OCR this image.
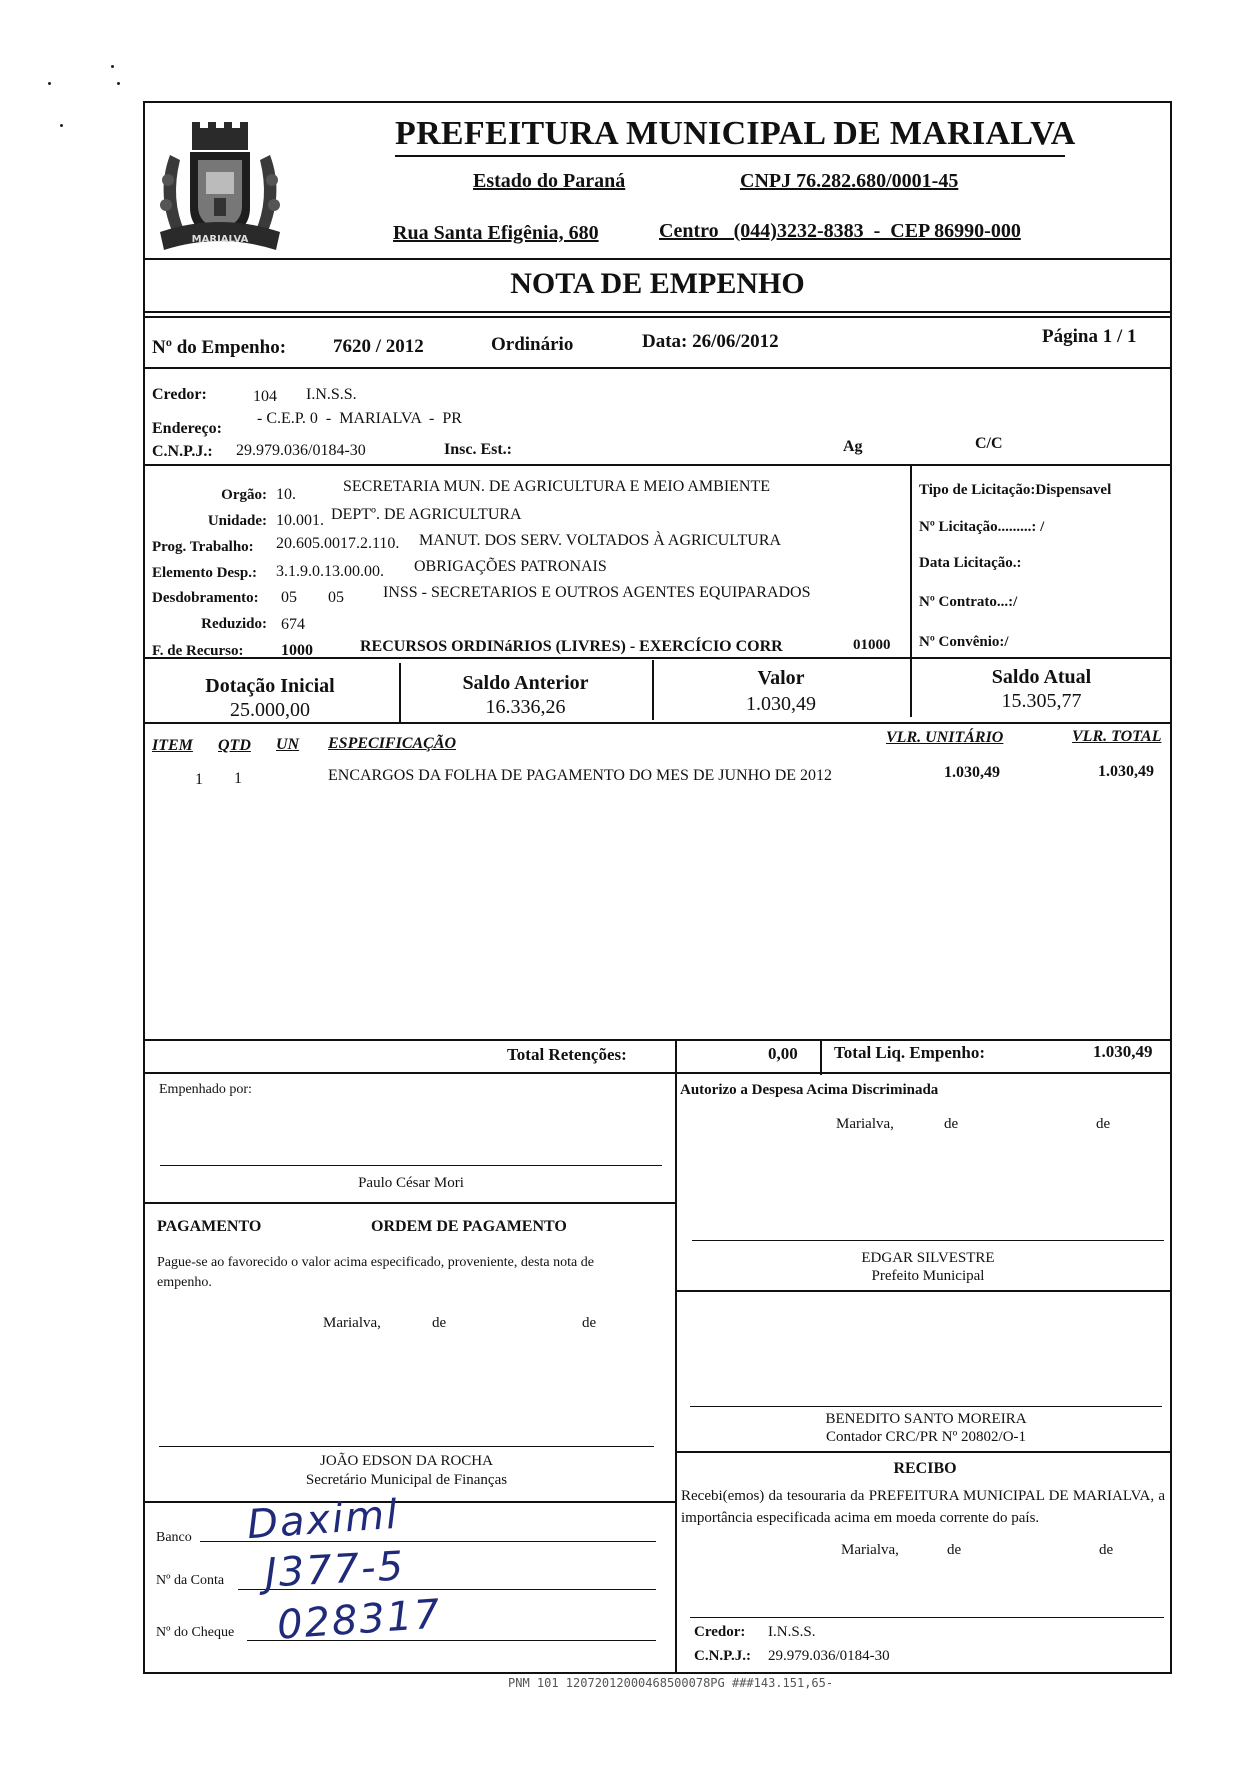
MARIALVA
PREFEITURA MUNICIPAL DE MARIALVA
Estado do Paraná	CNPJ 76.282.680/0001-45
Rua Santa Efigênia, 680	Centro   (044)3232-8383  -  CEP 86990-000
NOTA DE EMPENHO
Nº do Empenho: 7620 / 2012	Ordinário	Data: 26/06/2012	Página 1 / 1
Credor:	104 I.N.S.S.
Endereço:
- C.E.P. 0  -  MARIALVA  -  PR
C.N.P.J.: 29.979.036/0184-30	Insc. Est.:	Ag	C/C
Orgão: 10.	SECRETARIA MUN. DE AGRICULTURA E MEIO AMBIENTE
Unidade: 10.001. DEPTº. DE AGRICULTURA
Prog. Trabalho: 20.605.0017.2.110. MANUT. DOS SERV. VOLTADOS À AGRICULTURA
Elemento Desp.: 3.1.9.0.13.00.00. OBRIGAÇÕES PATRONAIS
Desdobramento: 05 05 INSS - SECRETARIOS E OUTROS AGENTES EQUIPARADOS
Reduzido: 674
F. de Recurso: 1000	RECURSOS ORDINáRIOS (LIVRES) - EXERCÍCIO CORR	01000
Tipo de Licitação:Dispensavel
Nº Licitação.........: /
Data Licitação.:
Nº Contrato...:/
Nº Convênio:/
Dotação Inicial
25.000,00
Saldo Anterior
16.336,26
Valor
1.030,49
Saldo Atual
15.305,77
ITEM QTD UN ESPECIFICAÇÃO	VLR. UNITÁRIO	VLR. TOTAL
1 1	ENCARGOS DA FOLHA DE PAGAMENTO DO MES DE JUNHO DE 2012	1.030,49	1.030,49
Total Retenções:	0,00 Total Liq. Empenho:	1.030,49
Empenhado por:
Paulo César Mori
Autorizo a Despesa Acima Discriminada
Marialva,	de	de
EDGAR SILVESTRE
Prefeito Municipal
BENEDITO SANTO MOREIRA
Contador CRC/PR Nº 20802/O-1
PAGAMENTO	ORDEM DE PAGAMENTO
Pague-se ao favorecido o valor acima especificado, proveniente, desta nota de empenho.
Marialva,	de	de
JOÃO EDSON DA ROCHA
Secretário Municipal de Finanças
Banco Daximl
Nº da Conta J377-5
Nº do Cheque 028317
RECIBO
Recebi(emos) da tesouraria da PREFEITURA MUNICIPAL DE MARIALVA, a importância especificada acima em moeda corrente do país.
Marialva,	de	de
Credor: I.N.S.S.
C.N.P.J.: 29.979.036/0184-30
PNM 101 12072012000468500078PG ###143.151,65-
